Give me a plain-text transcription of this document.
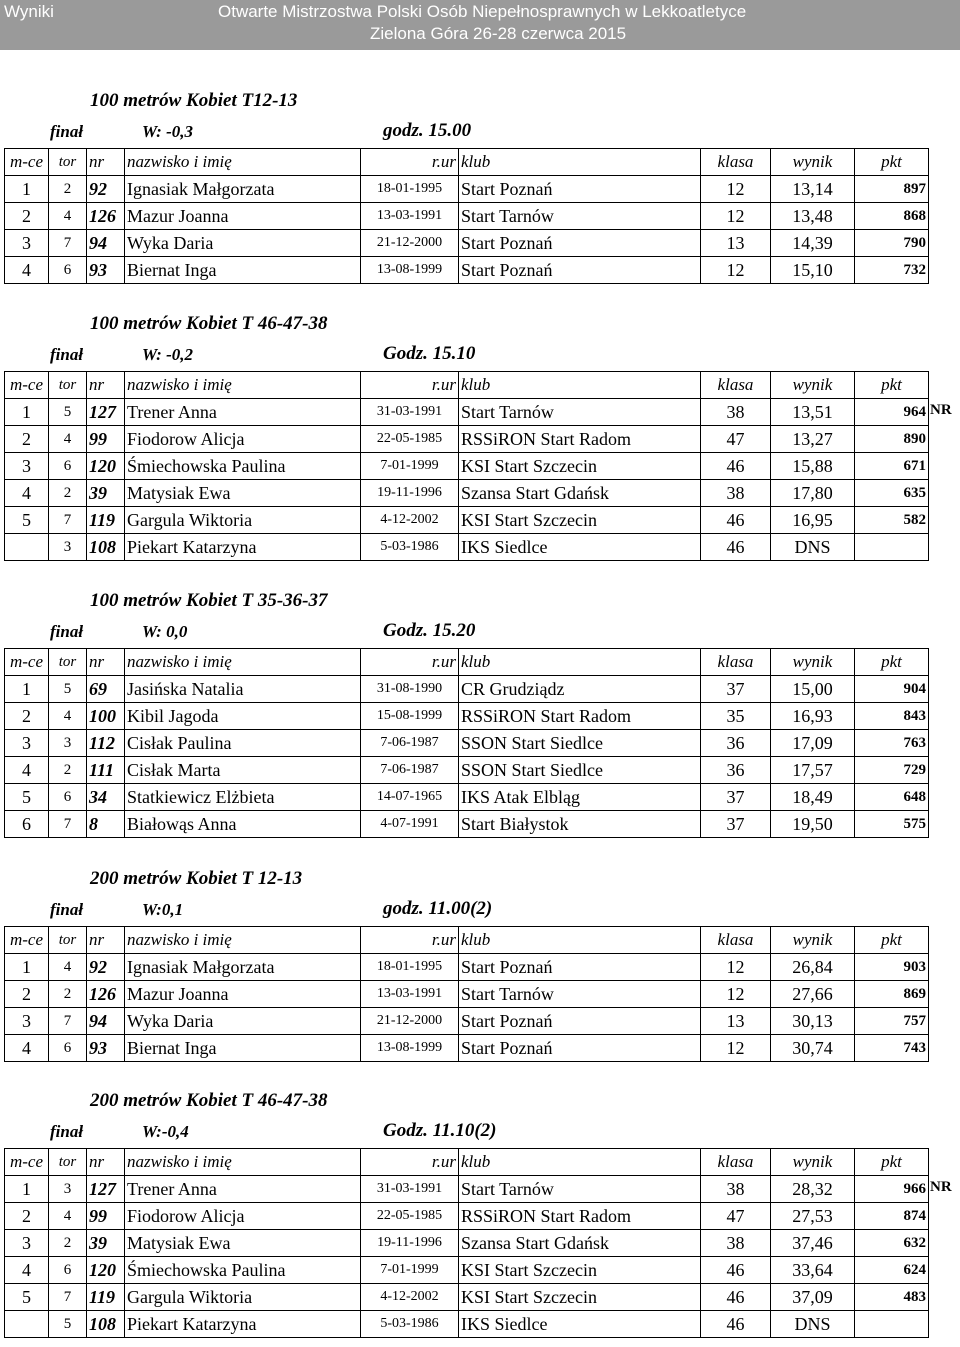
Wyniki	Otwarte Mistrzostwa Polski Osób Niepełnosprawnych w Lekkoatletyce
Zielona Góra 26-28 czerwca 2015
100 metrów Kobiet T12-13
finał	W: -0,3	godz. 15.00
m-ce	tor	nr	nazwisko i imię	r.ur	klub	klasa	wynik	pkt
1	2	92	Ignasiak Małgorzata	18-01-1995	Start Poznań	12	13,14	897
2	4	126	Mazur Joanna	13-03-1991	Start Tarnów	12	13,48	868
3	7	94	Wyka Daria	21-12-2000	Start Poznań	13	14,39	790
4	6	93	Biernat Inga	13-08-1999	Start Poznań	12	15,10	732
100 metrów Kobiet T 46-47-38
finał	W: -0,2	Godz. 15.10
NR
m-ce	tor	nr	nazwisko i imię	r.ur	klub	klasa	wynik	pkt
1	5	127	Trener Anna	31-03-1991	Start Tarnów	38	13,51	964
2	4	99	Fiodorow Alicja	22-05-1985	RSSiRON Start Radom	47	13,27	890
3	6	120	Śmiechowska Paulina	7-01-1999	KSI Start Szczecin	46	15,88	671
4	2	39	Matysiak Ewa	19-11-1996	Szansa Start Gdańsk	38	17,80	635
5	7	119	Gargula Wiktoria	4-12-2002	KSI Start Szczecin	46	16,95	582
	3	108	Piekart Katarzyna	5-03-1986	IKS Siedlce	46	DNS	
100 metrów Kobiet T 35-36-37
finał	W: 0,0	Godz. 15.20
m-ce	tor	nr	nazwisko i imię	r.ur	klub	klasa	wynik	pkt
1	5	69	Jasińska Natalia	31-08-1990	CR Grudziądz	37	15,00	904
2	4	100	Kibil Jagoda	15-08-1999	RSSiRON Start Radom	35	16,93	843
3	3	112	Cisłak Paulina	7-06-1987	SSON Start Siedlce	36	17,09	763
4	2	111	Cisłak Marta	7-06-1987	SSON Start Siedlce	36	17,57	729
5	6	34	Statkiewicz Elżbieta	14-07-1965	IKS Atak Elbląg	37	18,49	648
6	7	8	Białowąs Anna	4-07-1991	Start Białystok	37	19,50	575
200 metrów Kobiet T 12-13
finał	W:0,1	godz. 11.00(2)
m-ce	tor	nr	nazwisko i imię	r.ur	klub	klasa	wynik	pkt
1	4	92	Ignasiak Małgorzata	18-01-1995	Start Poznań	12	26,84	903
2	2	126	Mazur Joanna	13-03-1991	Start Tarnów	12	27,66	869
3	7	94	Wyka Daria	21-12-2000	Start Poznań	13	30,13	757
4	6	93	Biernat Inga	13-08-1999	Start Poznań	12	30,74	743
200 metrów Kobiet T 46-47-38
finał	W:-0,4	Godz. 11.10(2)
NR
m-ce	tor	nr	nazwisko i imię	r.ur	klub	klasa	wynik	pkt
1	3	127	Trener Anna	31-03-1991	Start Tarnów	38	28,32	966
2	4	99	Fiodorow Alicja	22-05-1985	RSSiRON Start Radom	47	27,53	874
3	2	39	Matysiak Ewa	19-11-1996	Szansa Start Gdańsk	38	37,46	632
4	6	120	Śmiechowska Paulina	7-01-1999	KSI Start Szczecin	46	33,64	624
5	7	119	Gargula Wiktoria	4-12-2002	KSI Start Szczecin	46	37,09	483
	5	108	Piekart Katarzyna	5-03-1986	IKS Siedlce	46	DNS	
